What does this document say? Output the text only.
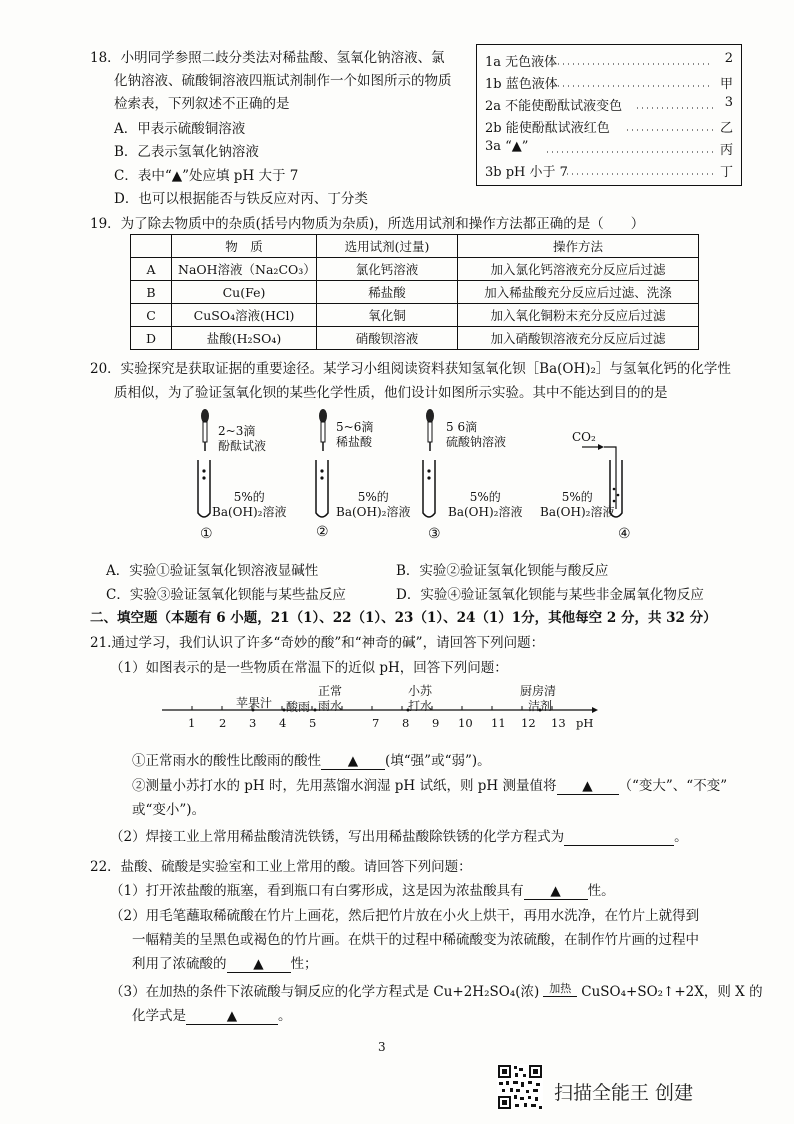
18．小明同学参照二歧分类法对稀盐酸、氢氧化钠溶液、氯
化钠溶液、硫酸铜溶液四瓶试剂制作一个如图所示的物质
检索表，下列叙述不正确的是
A．甲表示硫酸铜溶液
B．乙表示氢氧化钠溶液
C．表中“▲”处应填 pH 大于 7
D．也可以根据能否与铁反应对丙、丁分类
1a 无色液体	2
1b 蓝色液体	甲
2a 不能使酚酞试液变色	3
2b 能使酚酞试液红色	乙
3a “▲”	丙
3b pH 小于 7	丁
19．为了除去物质中的杂质(括号内物质为杂质)，所选用试剂和操作方法都正确的是（　　）
	物　质	选用试剂(过量)	操作方法
A	NaOH溶液（Na₂CO₃）	氯化钙溶液	加入氯化钙溶液充分反应后过滤
B	Cu(Fe)	稀盐酸	加入稀盐酸充分反应后过滤、洗涤
C	CuSO₄溶液(HCl)	氧化铜	加入氧化铜粉末充分反应后过滤
D	盐酸(H₂SO₄)	硝酸钡溶液	加入硝酸钡溶液充分反应后过滤
20．实验探究是获取证据的重要途径。某学习小组阅读资料获知氢氧化钡［Ba(OH)₂］与氢氧化钙的化学性
质相似，为了验证氢氧化钡的某些化学性质，他们设计如图所示实验。其中不能达到目的的是
2~3滴
酚酞试液
5%的
Ba(OH)₂溶液
①
5~6滴
稀盐酸
5%的
Ba(OH)₂溶液
②
5 6滴
硫酸钠溶液
5%的
Ba(OH)₂溶液
③
CO₂
5%的
Ba(OH)₂溶液
④
A．实验①验证氢氧化钡溶液显碱性	B．实验②验证氢氧化钡能与酸反应
C．实验③验证氢氧化钡能与某些盐反应	D．实验④验证氢氧化钡能与某些非金属氧化物反应
二、填空题（本题有 6 小题，21（1）、22（1）、23（1）、24（1）1分，其他每空 2 分，共 32 分）
21.通过学习，我们认识了许多“奇妙的酸”和“神奇的碱”，请回答下列问题：
（1）如图表示的是一些物质在常温下的近似 pH，回答下列问题：
1 2 3 4 5	7 8 9 10 11 12 13 pH
苹果汁 酸雨
正常
雨水
小苏
打水
厨房清
洁剂
①正常雨水的酸性比酸雨的酸性 ▲ (填“强”或“弱”)。
②测量小苏打水的 pH 时，先用蒸馏水润湿 pH 试纸，则 pH 测量值将 ▲ （“变大”、“不变”
或“变小”)。
（2）焊接工业上常用稀盐酸清洗铁锈，写出用稀盐酸除铁锈的化学方程式为	。
22．盐酸、硫酸是实验室和工业上常用的酸。请回答下列问题：
（1）打开浓盐酸的瓶塞，看到瓶口有白雾形成，这是因为浓盐酸具有 ▲ 性。
（2）用毛笔蘸取稀硫酸在竹片上画花，然后把竹片放在小火上烘干，再用水洗净，在竹片上就得到
一幅精美的呈黑色或褐色的竹片画。在烘干的过程中稀硫酸变为浓硫酸，在制作竹片画的过程中
利用了浓硫酸的 ▲ 性；
（3）在加热的条件下浓硫酸与铜反应的化学方程式是 Cu+2H₂SO₄(浓) 加热 CuSO₄+SO₂↑+2X，则 X 的
化学式是	▲	。
3
扫描全能王 创建
